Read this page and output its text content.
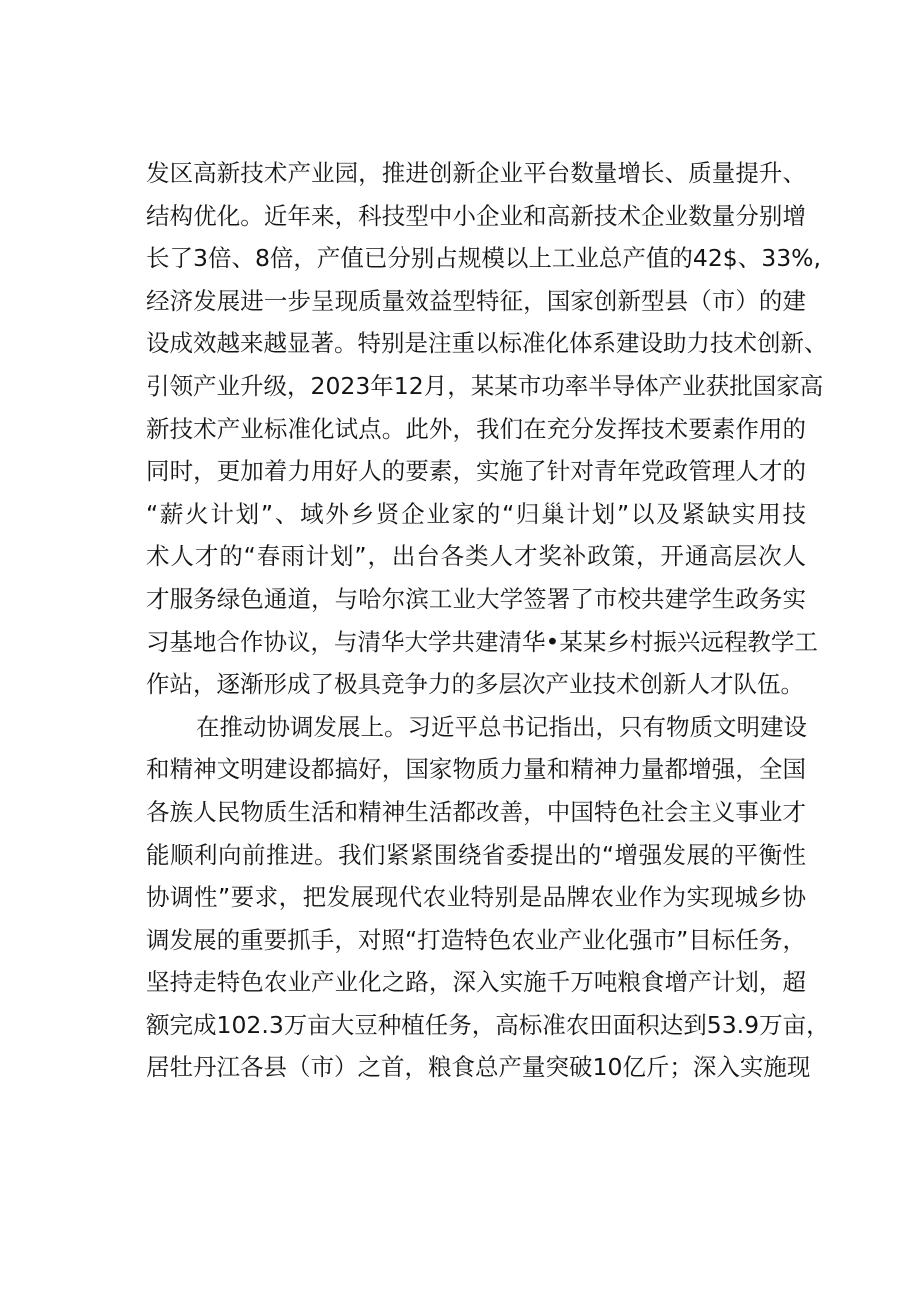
发区高新技术产业园，推进创新企业平台数量增长、质量提升、
结构优化。近年来，科技型中小企业和高新技术企业数量分别增
长了3倍、8倍，产值已分别占规模以上工业总产值的42$、33%,
经济发展进一步呈现质量效益型特征，国家创新型县（市）的建
设成效越来越显著。特别是注重以标准化体系建设助力技术创新、
引领产业升级，2023年12月，某某市功率半导体产业获批国家高
新技术产业标准化试点。此外，我们在充分发挥技术要素作用的
同时，更加着力用好人的要素，实施了针对青年党政管理人才的
“薪火计划”、域外乡贤企业家的“归巢计划”以及紧缺实用技
术人才的“春雨计划”，出台各类人才奖补政策，开通高层次人
才服务绿色通道，与哈尔滨工业大学签署了市校共建学生政务实
习基地合作协议，与清华大学共建清华•某某乡村振兴远程教学工
作站，逐渐形成了极具竞争力的多层次产业技术创新人才队伍。
在推动协调发展上。习近平总书记指出，只有物质文明建设
和精神文明建设都搞好，国家物质力量和精神力量都增强，全国
各族人民物质生活和精神生活都改善，中国特色社会主义事业才
能顺利向前推进。我们紧紧围绕省委提出的“增强发展的平衡性
协调性”要求，把发展现代农业特别是品牌农业作为实现城乡协
调发展的重要抓手，对照“打造特色农业产业化强市”目标任务，
坚持走特色农业产业化之路，深入实施千万吨粮食增产计划，超
额完成102.3万亩大豆种植任务，高标准农田面积达到53.9万亩，
居牡丹江各县（市）之首，粮食总产量突破10亿斤；深入实施现
